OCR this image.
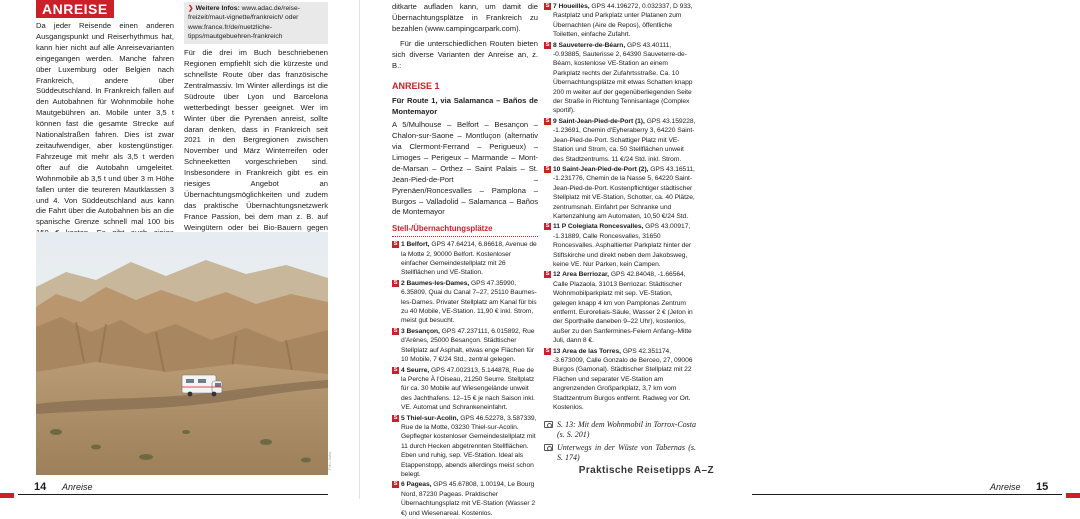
ANREISE

Da jeder Reisende einen anderen Ausgangspunkt und Reiserhythmus hat, kann hier nicht auf alle Anreisevarianten eingegangen werden. Manche fahren über Luxemburg oder Belgien nach Frankreich, andere über Süddeutschland. In Frankreich fallen auf den Autobahnen für Wohnmobile hohe Mautgebühren an. Mobile unter 3,5 t können fast die gesamte Strecke auf Nationalstraßen fahren. Dies ist zwar zeitaufwendiger, aber kostengünstiger. Fahrzeuge mit mehr als 3,5 t werden öfter auf die Autobahn umgeleitet. Wohnmobile ab 3,5 t und über 3 m Höhe fallen unter die teureren Mautklassen 3 und 4. Von Süddeutschland aus kann die Fahrt über die Autobahnen bis an die spanische Grenze schnell mal 100 bis

❯ Weitere Infos: www.adac.de/reise-freizeit/maut-vignette/frankreich/ oder www.france.fr/de/nuetzliche-tipps/mautgebuehren-frankreich

Für die drei im Buch beschriebenen Regionen empfiehlt sich die kürzeste und schnellste Route über das französische Zentralmassiv. Im Winter allerdings ist die Südroute über Lyon und Barcelona wetterbedingt besser geeignet. Wer im Winter über die Pyrenäen anreist, sollte daran denken, dass in Frankreich seit 2021 in den Bergregionen zwischen November und März Winterreifen oder Schneeketten vorgeschrieben sind. Insbesondere in Frankreich gibt es ein riesiges Angebot an Übernachtungsmöglichkeiten und zudem das praktische Übernachtungsnetzwerk France Passion, bei dem man z. B. auf Weingütern oder bei Bio-Bauern gegen

Foto: Autor
14 Anreise

ditkarte aufladen kann, um damit die Übernachtungsplätze in Frankreich zu bezahlen (www.campingcarpark.com).

Für die unterschiedlichen Routen bieten sich diverse Varianten der Anreise an, z. B.:

ANREISE 1

Für Route 1, via Salamanca – Baños de Montemayor

A 5/Mulhouse – Belfort – Besançon – Chalon-sur-Saone – Montluçon (alternativ via Clermont-Ferrand – Perigueux) – Limoges – Perigeux – Marmande – Mont-de-Marsan – Orthez – Saint Palais – St. Jean-Pied-de-Port – Pyrenäen/Roncesvalles – Pamplona – Burgos – Valladolid – Salamanca – Baños de Montemayor

Stell-/Übernachtungsplätze
S 1 Belfort, GPS 47.64214, 6.86618, Avenue de la Motte 2, 90000 Belfort. Kostenloser einfacher Gemeindestellplatz mit 26 Stellflächen und VE-Station.
S 2 Baumes-les-Dames, GPS 47.35990, 6.35809, Quai du Canal 7–27, 25110 Baumes-les-Dames. Privater Stellplatz am Kanal für bis zu 40 Mobile, VE-Station. 11,90 € inkl. Strom, meist gut besucht.
S 3 Besançon, GPS 47.237111, 6.015892, Rue d'Arènes, 25000 Besançon. Städtischer Stellplatz auf Asphalt, etwas enge Flächen für 10 Mobile, 7 €/24 Std., zentral gelegen.
S 4 Seurre, GPS 47.002313, 5.144878, Rue de la Perche À l'Oiseau, 21250 Seurre. Stellplatz für ca. 30 Mobile auf Wiesengelände unweit des Jachthafens. 12–15 € je nach Saison inkl. VE. Automat und Schrankeneinfahrt.
S 5 Thiel-sur-Acolin, GPS 46.52278, 3.587339, Rue de la Motte, 03230 Thiel-sur-Acolin. Gepflegter kostenloser Gemeindestellplatz mit 11 durch Hecken abgetrennten Stellflächen. Eben und ruhig, sep. VE-Station. Ideal als Etappenstopp, abends allerdings meist schon belegt.
S 6 Pageas, GPS 45.67808, 1.00194, Le Bourg Nord, 87230 Pageas. Praktischer Übernachtungsplatz mit VE-Station (Wasser 2 €) und Wiesenareal. Kostenlos.
S 7 Houeillès, GPS 44.196272, 0.032337, D 933, Rastplatz und Parkplatz unter Platanen zum Übernachten (Aire de Repos), öffentliche Toiletten, einfache Zufahrt.
S 8 Sauveterre-de-Béarn, GPS 43.40111, -0.93885, Sauterisse 2, 64390 Sauveterre-de-Béarn, kostenlose VE-Station an einem Parkplatz rechts der Zufahrtsstraße. Ca. 10 Übernachtungsplätze mit etwas Schatten knapp 200 m weiter auf der gegenüberliegenden Seite der Straße in Richtung Tennisanlage (Complex sportif).
S 9 Saint-Jean-Pied-de-Port (1), GPS 43.159228, -1.23691, Chemin d'Eyheraberry 3, 64220 Saint-Jean-Pied-de-Port. Schattiger Platz mit VE-Station und Strom, ca. 50 Stellflächen unweit des Stadtzentrums. 11 €/24 Std. inkl. Strom.
S 10 Saint-Jean-Pied-de-Port (2), GPS 43.16511, -1.231776, Chemin de la Nasse 5, 64220 Saint-Jean-Pied-de-Port. Kostenpflichtiger städtischer Stellplatz mit VE-Station, Schotter, ca. 40 Plätze, zentrumsnah. Einfahrt per Schranke und Kartenzahlung am Automaten, 10,50 €/24 Std.
S 11 P Colegiata Roncesvalles, GPS 43.00917, -1.31889, Calle Roncesvalles, 31650 Roncesvalles. Asphaltierter Parkplatz hinter der Stiftskirche und direkt neben dem Jakobsweg, keine VE. Nur Parken, kein Campen.
S 12 Area Berriozar, GPS 42.84048, -1.66564, Calle Plazaola, 31013 Berriozar. Städtischer Wohnmobilparkplatz mit sep. VE-Station, gelegen knapp 4 km von Pamplonas Zentrum entfernt. Euroreliais-Säule, Wasser 2 € (Jeton in der Sporthalle daneben 9–22 Uhr), kostenlos, außer zu den Sanfermines-Feiern Anfang–Mitte Juli, dann 8 €.
S 13 Area de las Torres, GPS 42.351174, -3.673009, Calle Gonzalo de Berceo, 27, 09006 Burgos (Gamonal). Städtischer Stellplatz mit 22 Flächen und separater VE-Station am angrenzenden Großparkplatz, 3,7 km vom Stadtzentrum Burgos entfernt. Radweg vor Ort. Kostenlos.
S. 13: Mit dem Wohnmobil in Torrox-Costa (s. S. 201)
Unterwegs in der Wüste von Tabernas (s. S. 174)
Praktische Reisetipps A–Z
Anreise 15
